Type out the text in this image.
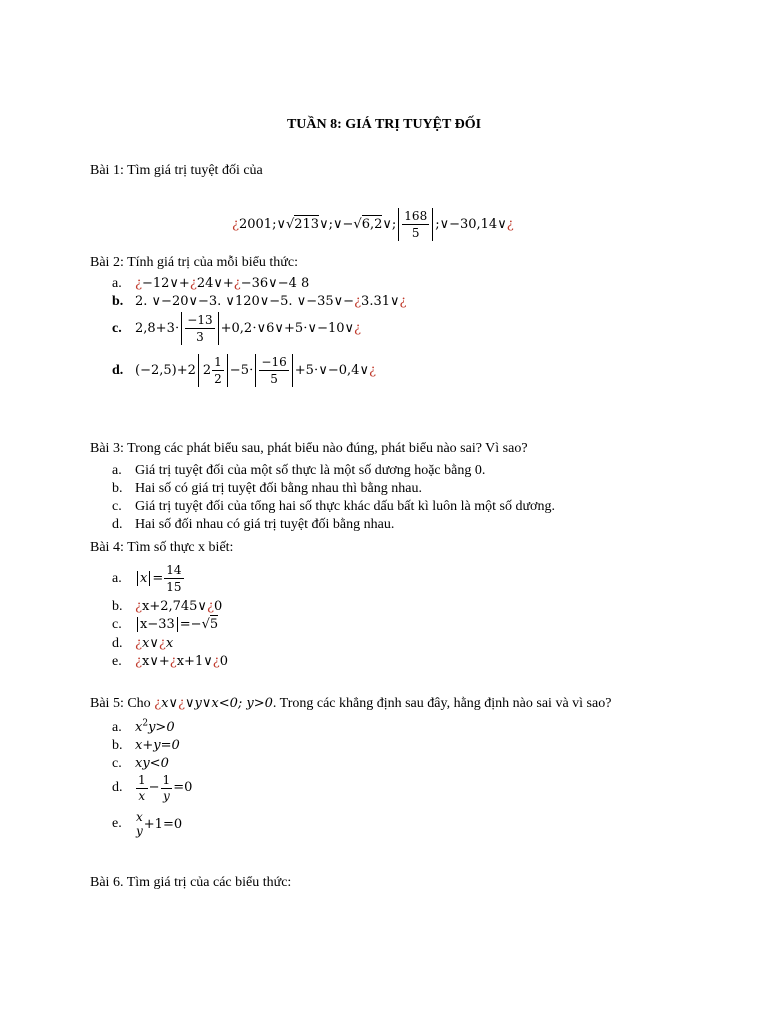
TUẦN 8: GIÁ TRỊ TUYỆT ĐỐI
Bài 1: Tìm giá trị tuyệt đối của
¿2001;∨√213∨;∨−√6,2∨; $\frac{168}{5}$ ;∨−30,14∨¿
Bài 2: Tính giá trị của mỗi biểu thức:
a. ¿−12∨+¿24∨+¿−36∨−4 8
b. 2. ∨−20∨−3. ∨120∨−5. ∨−35∨−¿3.31∨¿
c. $2,8+3\cdot \frac{-13}{3}$ +0,2⋅∨6∨+5⋅∨−10∨¿
d. (−2,5)+2 $2 \frac{1}{2} -5\cdot \frac{-16}{5}$ +5⋅∨−0,4∨¿
Bài 3: Trong các phát biểu sau, phát biểu nào đúng, phát biểu nào sai? Vì sao?
a. Giá trị tuyệt đối của một số thực là một số dương hoặc bằng 0.
b. Hai số có giá trị tuyệt đối bằng nhau thì bằng nhau.
c. Giá trị tuyệt đối của tổng hai số thực khác dấu bất kì luôn là một số dương.
d. Hai số đối nhau có giá trị tuyệt đối bằng nhau.
Bài 4: Tìm số thực x biết:
a. $x = \frac{14}{15}$
b. ¿x+2,745∨¿0
c. x−33 =−√5
d. ¿x∨¿x
e. ¿x∨+¿x+1∨¿0
Bài 5: Cho ¿x∨¿∨y∨x<0; y>0. Trong các khẳng định sau đây, hằng định nào sai và vì sao?
a. $x^2y>0$
b. x+y=0
c. xy<0
d. $\frac{1}{x}- \frac{1}{y}=0$
e. x
y +1=0
Bài 6. Tìm giá trị của các biểu thức:
